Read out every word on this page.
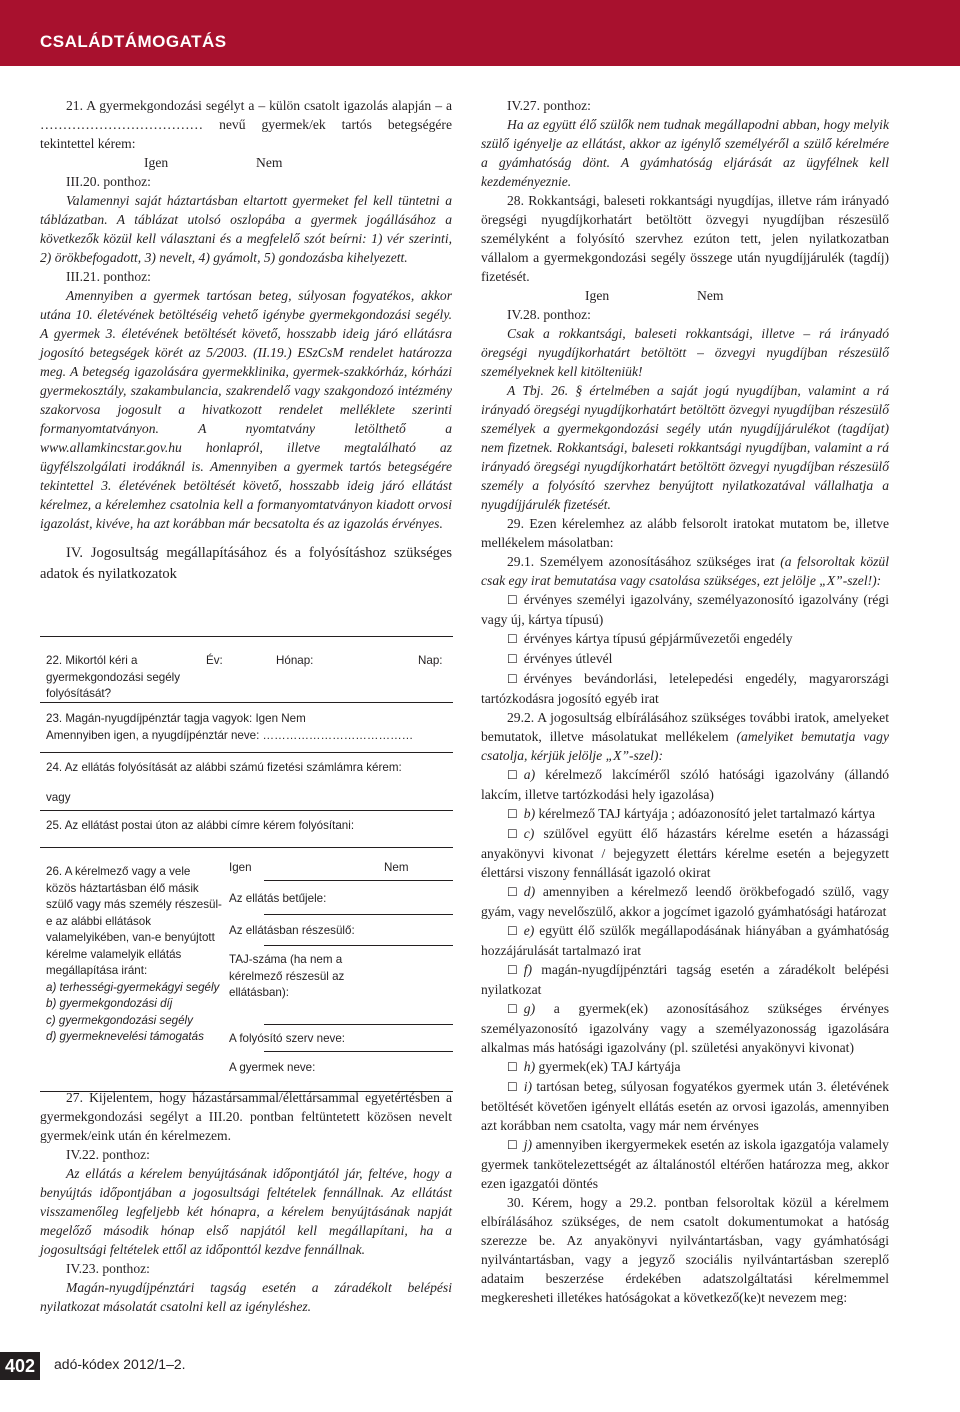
CSALÁDTÁMOGATÁS

21. A gyermekgondozási segélyt a – külön csatolt igazolás alapján – a ……………………………… nevű gyermek/ek tartós betegségére tekintettel kérem:

Igen	Nem

III.20. ponthoz:

Valamennyi saját háztartásban eltartott gyermeket fel kell tüntetni a táblázatban. A táblázat utolsó oszlopába a gyermek jogállásához a következők közül kell választani és a megfelelő szót beírni: 1) vér szerinti, 2) örökbefogadott, 3) nevelt, 4) gyámolt, 5) gondozásba kihelyezett.

III.21. ponthoz:

Amennyiben a gyermek tartósan beteg, súlyosan fogyatékos, akkor utána 10. életévének betöltéséig vehető igénybe gyermekgondozási segély. A gyermek 3. életévének betöltését követő, hosszabb ideig járó ellátásra jogosító betegségek körét az 5/2003. (II.19.) ESzCsM rendelet határozza meg. A betegség igazolására gyermekklinika, gyermek-szakkórház, kórházi gyermekosztály, szakambulancia, szakrendelő vagy szakgondozó intézmény szakorvosa jogosult a hivatkozott rendelet melléklete szerinti formanyomtatványon. A nyomtatvány letölthető a www.allamkincstar.gov.hu honlapról, illetve megtalálható az ügyfélszolgálati irodáknál is. Amennyiben a gyermek tartós betegségére tekintettel 3. életévének betöltését követő, hosszabb ideig járó ellátást kérelmez, a kérelemhez csatolnia kell a formanyomtatványon kiadott orvosi igazolást, kivéve, ha azt korábban már becsatolta és az igazolás érvényes.

IV. Jogosultság megállapításához és a folyósításhoz szükséges adatok és nyilatkozatok

22. Mikortól kéri a gyermekgondozási segély folyósítását?
Év:	Hónap:	Nap:
23. Magán-nyugdíjpénztár tagja vagyok: Igen Nem
Amennyiben igen, a nyugdíjpénztár neve: …………………………………
24. Az ellátás folyósítását az alábbi számú fizetési számlámra kérem:
vagy
25. Az ellátást postai úton az alábbi címre kérem folyósítani:
26. A kérelmező vagy a vele közös háztartásban élő másik szülő vagy más személy részesül-e az alábbi ellátások valamelyikében, van-e benyújtott kérelme valamelyik ellátás megállapítása iránt:
a) terhességi-gyermekágyi segély
b) gyermekgondozási díj
c) gyermekgondozási segély
d) gyermeknevelési támogatás
Igen	Nem
Az ellátás betűjele:
Az ellátásban részesülő:
TAJ-száma (ha nem a kérelmező részesül az ellátásban):
A folyósító szerv neve:
A gyermek neve:

27. Kijelentem, hogy házastársammal/élettársammal egyetértésben a gyermekgondozási segélyt a III.20. pontban feltüntetett közösen nevelt gyermek/eink után én kérelmezem.

IV.22. ponthoz:

Az ellátás a kérelem benyújtásának időpontjától jár, feltéve, hogy a benyújtás időpontjában a jogosultsági feltételek fennállnak. Az ellátást visszamenőleg legfeljebb két hónapra, a kérelem benyújtásának napját megelőző második hónap első napjától kell megállapítani, ha a jogosultsági feltételek ettől az időponttól kezdve fennállnak.

IV.23. ponthoz:

Magán-nyugdíjpénztári tagság esetén a záradékolt belépési nyilatkozat másolatát csatolni kell az igényléshez.

IV.27. ponthoz:

Ha az együtt élő szülők nem tudnak megállapodni abban, hogy melyik szülő igényelje az ellátást, akkor az igénylő személyéről a szülő kérelmére a gyámhatóság dönt. A gyámhatóság eljárását az ügyfélnek kell kezdeményeznie.

28. Rokkantsági, baleseti rokkantsági nyugdíjas, illetve rám irányadó öregségi nyugdíjkorhatárt betöltött özvegyi nyugdíjban részesülő személyként a folyósító szervhez ezúton tett, jelen nyilatkozatban vállalom a gyermekgondozási segély összege után nyugdíjjárulék (tagdíj) fizetését.

Igen	Nem

IV.28. ponthoz:

Csak a rokkantsági, baleseti rokkantsági, illetve – rá irányadó öregségi nyugdíjkorhatárt betöltött – özvegyi nyugdíjban részesülő személyeknek kell kitölteniük!

A Tbj. 26. § értelmében a saját jogú nyugdíjban, valamint a rá irányadó öregségi nyugdíjkorhatárt betöltött özvegyi nyugdíjban részesülő személyek a gyermekgondozási segély után nyugdíjjárulékot (tagdíjat) nem fizetnek. Rokkantsági, baleseti rokkantsági nyugdíjban, valamint a rá irányadó öregségi nyugdíjkorhatárt betöltött özvegyi nyugdíjban részesülő személy a folyósító szervhez benyújtott nyilatkozatával vállalhatja a nyugdíjjárulék fizetését.

29. Ezen kérelemhez az alább felsorolt iratokat mutatom be, illetve mellékelem másolatban:

29.1. Személyem azonosításához szükséges irat (a felsoroltak közül csak egy irat bemutatása vagy csatolása szükséges, ezt jelölje „X”-szel!):

☐ érvényes személyi igazolvány, személyazonosító igazolvány (régi vagy új, kártya típusú)

☐ érvényes kártya típusú gépjárművezetői engedély

☐ érvényes útlevél

☐ érvényes bevándorlási, letelepedési engedély, magyarországi tartózkodásra jogosító egyéb irat

29.2. A jogosultság elbírálásához szükséges további iratok, amelyeket bemutatok, illetve másolatukat mellékelem (amelyiket bemutatja vagy csatolja, kérjük jelölje „X”-szel):

☐ a) kérelmező lakcíméről szóló hatósági igazolvány (állandó lakcím, illetve tartózkodási hely igazolása)

☐ b) kérelmező TAJ kártyája ; adóazonosító jelet tartalmazó kártya

☐ c) szülővel együtt élő házastárs kérelme esetén a házassági anyakönyvi kivonat / bejegyzett élettárs kérelme esetén a bejegyzett élettársi viszony fennállását igazoló okirat

☐ d) amennyiben a kérelmező leendő örökbefogadó szülő, vagy gyám, vagy nevelőszülő, akkor a jogcímet igazoló gyámhatósági határozat

☐ e) együtt élő szülők megállapodásának hiányában a gyámhatóság hozzájárulását tartalmazó irat

☐ f) magán-nyugdíjpénztári tagság esetén a záradékolt belépési nyilatkozat

☐ g) a gyermek(ek) azonosításához szükséges érvényes személyazonosító igazolvány vagy a személyazonosság igazolására alkalmas más hatósági igazolvány (pl. születési anyakönyvi kivonat)

☐ h) gyermek(ek) TAJ kártyája

☐ i) tartósan beteg, súlyosan fogyatékos gyermek után 3. életévének betöltését követően igényelt ellátás esetén az orvosi igazolás, amennyiben azt korábban nem csatolta, vagy már nem érvényes

☐ j) amennyiben ikergyermekek esetén az iskola igazgatója valamely gyermek tankötelezettségét az általánostól eltérően határozza meg, akkor ezen igazgatói döntés

30. Kérem, hogy a 29.2. pontban felsoroltak közül a kérelmem elbírálásához szükséges, de nem csatolt dokumentumokat a hatóság szerezze be. Az anyakönyvi nyilvántartásban, vagy gyámhatósági nyilvántartásban, vagy a jegyző szociális nyilvántartásban szereplő adataim beszerzése érdekében adatszolgáltatási kérelmemmel megkeresheti illetékes hatóságokat a következő(ke)t nevezem meg:

402	adó-kódex 2012/1–2.
